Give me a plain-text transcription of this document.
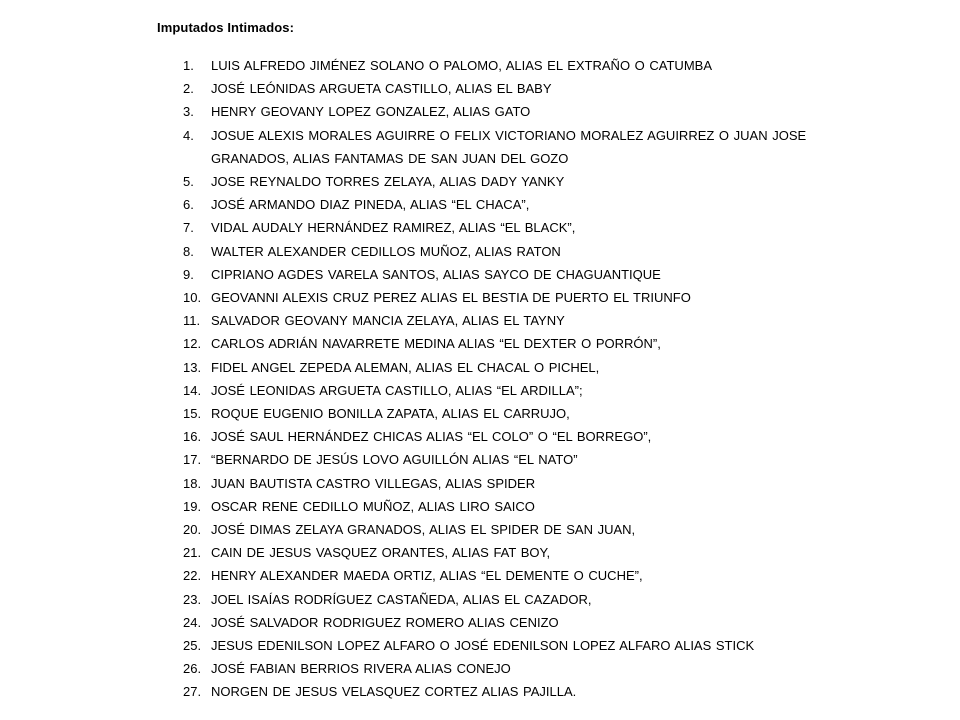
Imputados Intimados:
1.	LUIS ALFREDO JIMÉNEZ SOLANO O PALOMO, ALIAS EL EXTRAÑO O CATUMBA
2.	JOSÉ LEÓNIDAS ARGUETA CASTILLO, ALIAS EL BABY
3.	HENRY GEOVANY LOPEZ GONZALEZ, ALIAS GATO
4.	JOSUE ALEXIS MORALES AGUIRRE O FELIX VICTORIANO MORALEZ AGUIRREZ O JUAN JOSE GRANADOS, ALIAS FANTAMAS DE SAN JUAN DEL GOZO
5.	JOSE REYNALDO TORRES ZELAYA, ALIAS DADY YANKY
6.	JOSÉ ARMANDO DIAZ PINEDA, ALIAS “EL CHACA”,
7.	VIDAL AUDALY HERNÁNDEZ RAMIREZ, ALIAS “EL BLACK”,
8.	WALTER ALEXANDER CEDILLOS MUÑOZ, ALIAS RATON
9.	CIPRIANO AGDES VARELA SANTOS, ALIAS SAYCO DE CHAGUANTIQUE
10. GEOVANNI ALEXIS CRUZ PEREZ ALIAS EL BESTIA DE PUERTO EL TRIUNFO
11. SALVADOR GEOVANY MANCIA ZELAYA, ALIAS EL TAYNY
12. CARLOS ADRIÁN NAVARRETE MEDINA ALIAS “EL DEXTER O PORRÓN”,
13. FIDEL ANGEL ZEPEDA ALEMAN, ALIAS EL CHACAL O PICHEL,
14. JOSÉ LEONIDAS ARGUETA CASTILLO, ALIAS “EL ARDILLA”;
15. ROQUE EUGENIO BONILLA ZAPATA, ALIAS EL CARRUJO,
16. JOSÉ SAUL HERNÁNDEZ CHICAS ALIAS “EL COLO” O “EL BORREGO”,
17. “BERNARDO DE JESÚS LOVO AGUILLÓN ALIAS “EL NATO”
18. JUAN BAUTISTA CASTRO VILLEGAS, ALIAS SPIDER
19. OSCAR RENE CEDILLO MUÑOZ, ALIAS LIRO SAICO
20. JOSÉ DIMAS ZELAYA GRANADOS, ALIAS EL SPIDER DE SAN JUAN,
21. CAIN DE JESUS VASQUEZ ORANTES, ALIAS FAT BOY,
22. HENRY ALEXANDER MAEDA ORTIZ, ALIAS “EL DEMENTE O CUCHE”,
23. JOEL ISAÍAS RODRÍGUEZ CASTAÑEDA, ALIAS EL CAZADOR,
24. JOSÉ SALVADOR RODRIGUEZ ROMERO ALIAS CENIZO
25. JESUS EDENILSON LOPEZ ALFARO O JOSÉ EDENILSON LOPEZ ALFARO ALIAS STICK
26. JOSÉ FABIAN BERRIOS RIVERA ALIAS CONEJO
27. NORGEN DE JESUS VELASQUEZ CORTEZ ALIAS PAJILLA.
